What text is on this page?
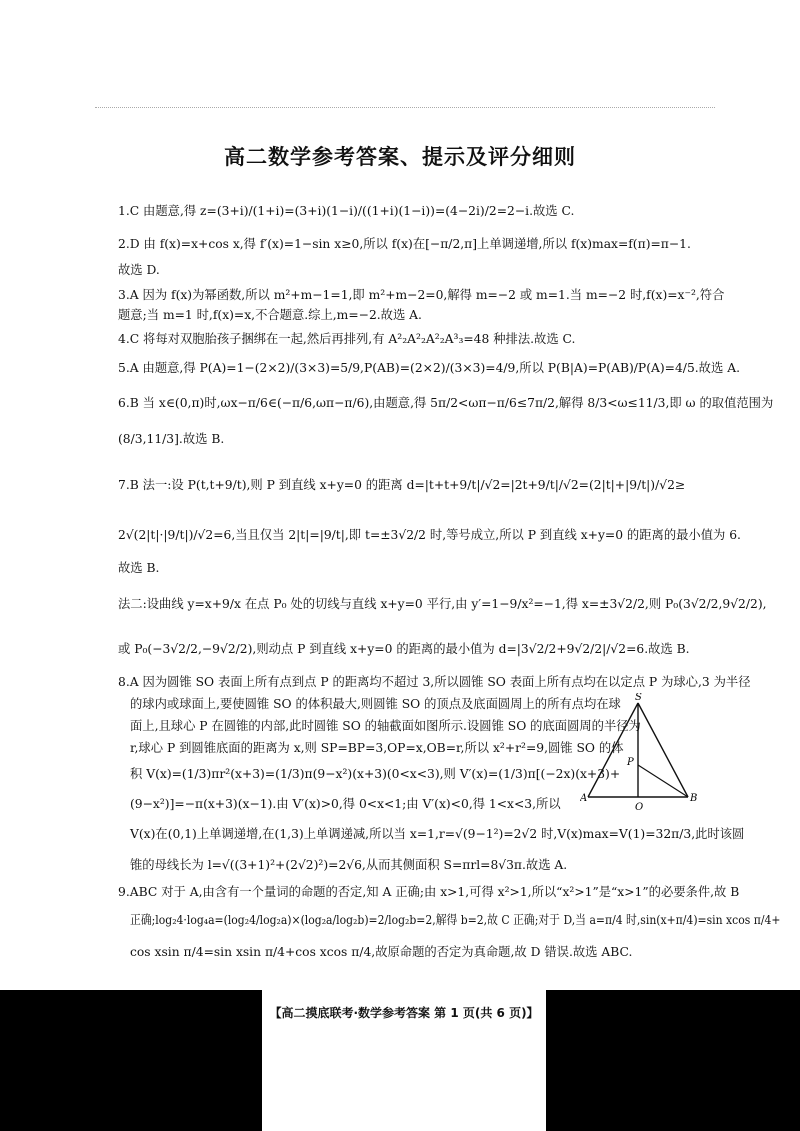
高二数学参考答案、提示及评分细则
1.C 由题意,得 z=(3+i)/(1+i)=(3+i)(1−i)/((1+i)(1−i))=(4−2i)/2=2−i.故选 C.
2.D 由 f(x)=x+cos x,得 f′(x)=1−sin x≥0,所以 f(x)在[−π/2,π]上单调递增,所以 f(x)max=f(π)=π−1.
故选 D.
3.A 因为 f(x)为幂函数,所以 m²+m−1=1,即 m²+m−2=0,解得 m=−2 或 m=1.当 m=−2 时,f(x)=x⁻²,符合
题意;当 m=1 时,f(x)=x,不合题意.综上,m=−2.故选 A.
4.C 将每对双胞胎孩子捆绑在一起,然后再排列,有 A²₂A²₂A²₂A³₃=48 种排法.故选 C.
5.A 由题意,得 P(A)=1−(2×2)/(3×3)=5/9,P(AB)=(2×2)/(3×3)=4/9,所以 P(B|A)=P(AB)/P(A)=4/5.故选 A.
6.B 当 x∈(0,π)时,ωx−π/6∈(−π/6,ωπ−π/6),由题意,得 5π/2<ωπ−π/6≤7π/2,解得 8/3<ω≤11/3,即 ω 的取值范围为
(8/3,11/3].故选 B.
7.B 法一:设 P(t,t+9/t),则 P 到直线 x+y=0 的距离 d=|t+t+9/t|/√2=|2t+9/t|/√2=(2|t|+|9/t|)/√2≥
2√(2|t|·|9/t|)/√2=6,当且仅当 2|t|=|9/t|,即 t=±3√2/2 时,等号成立,所以 P 到直线 x+y=0 的距离的最小值为 6.
故选 B.
法二:设曲线 y=x+9/x 在点 P₀ 处的切线与直线 x+y=0 平行,由 y′=1−9/x²=−1,得 x=±3√2/2,则 P₀(3√2/2,9√2/2),
或 P₀(−3√2/2,−9√2/2),则动点 P 到直线 x+y=0 的距离的最小值为 d=|3√2/2+9√2/2|/√2=6.故选 B.
8.A 因为圆锥 SO 表面上所有点到点 P 的距离均不超过 3,所以圆锥 SO 表面上所有点均在以定点 P 为球心,3 为半径
的球内或球面上,要使圆锥 SO 的体积最大,则圆锥 SO 的顶点及底面圆周上的所有点均在球
面上,且球心 P 在圆锥的内部,此时圆锥 SO 的轴截面如图所示.设圆锥 SO 的底面圆周的半径为
r,球心 P 到圆锥底面的距离为 x,则 SP=BP=3,OP=x,OB=r,所以 x²+r²=9,圆锥 SO 的体
积 V(x)=(1/3)πr²(x+3)=(1/3)π(9−x²)(x+3)(0<x<3),则 V′(x)=(1/3)π[(−2x)(x+3)+
(9−x²)]=−π(x+3)(x−1).由 V′(x)>0,得 0<x<1;由 V′(x)<0,得 1<x<3,所以
V(x)在(0,1)上单调递增,在(1,3)上单调递减,所以当 x=1,r=√(9−1²)=2√2 时,V(x)max=V(1)=32π/3,此时该圆
锥的母线长为 l=√((3+1)²+(2√2)²)=2√6,从而其侧面积 S=πrl=8√3π.故选 A.
9.ABC 对于 A,由含有一个量词的命题的否定,知 A 正确;由 x>1,可得 x²>1,所以“x²>1”是“x>1”的必要条件,故 B
正确;log₂4·log₄a=(log₂4/log₂a)×(log₂a/log₂b)=2/log₂b=2,解得 b=2,故 C 正确;对于 D,当 a=π/4 时,sin(x+π/4)=sin xcos π/4+
cos xsin π/4=sin xsin π/4+cos xcos π/4,故原命题的否定为真命题,故 D 错误.故选 ABC.
S
P
A
O
B
【高二摸底联考·数学参考答案 第 1 页(共 6 页)】
